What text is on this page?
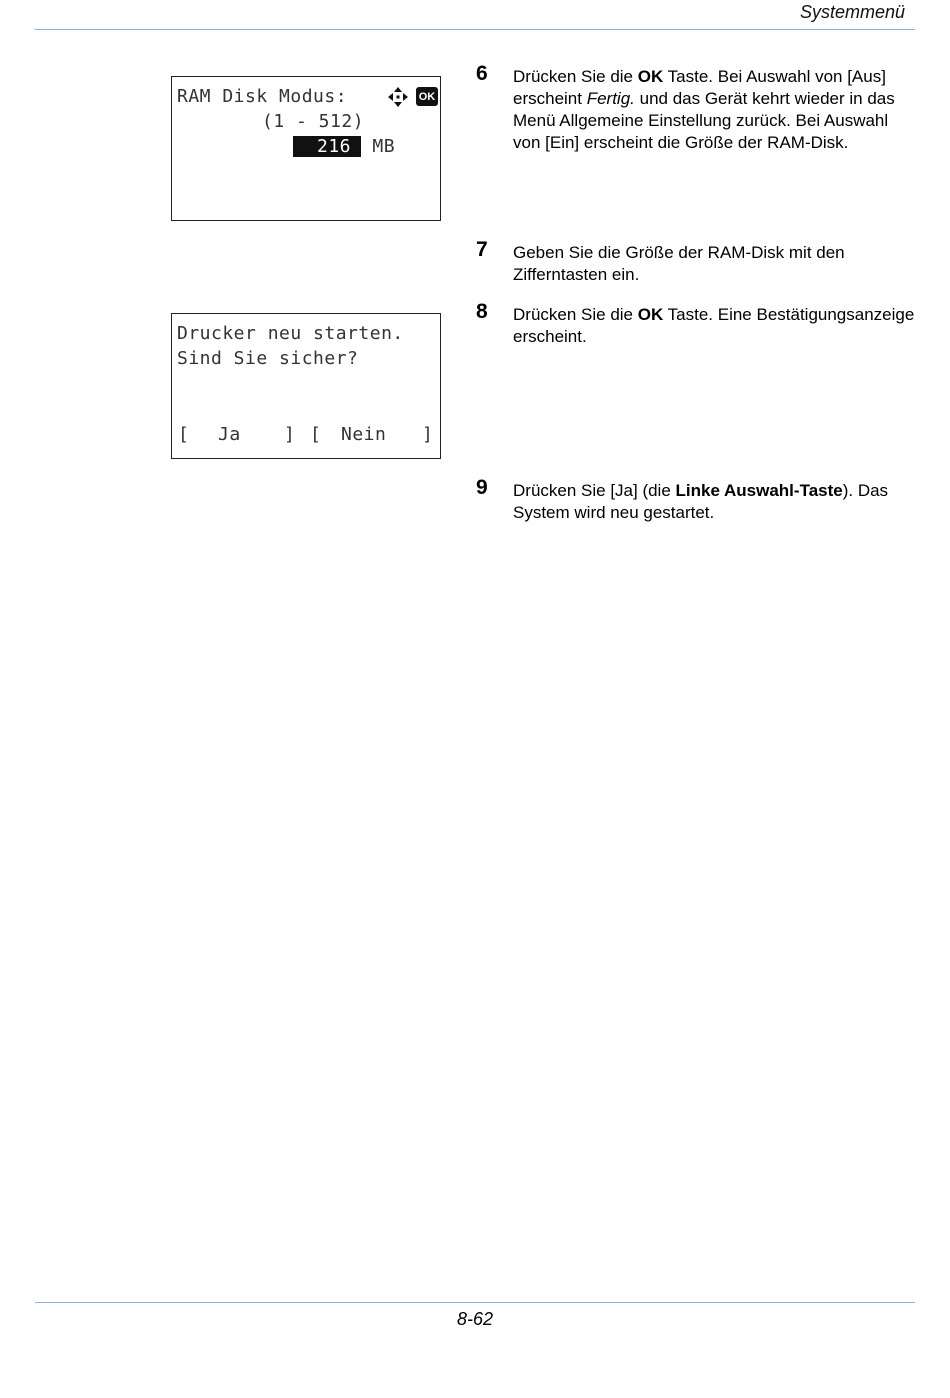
Systemmenü
RAM Disk Modus:	OK
(1 - 512)
216 MB
Drucker neu starten.
Sind Sie sicher?
[ Ja ] [ Nein ]
6 Drücken Sie die OK Taste. Bei Auswahl von [Aus] erscheint Fertig. und das Gerät kehrt wieder in das Menü Allgemeine Einstellung zurück. Bei Auswahl von [Ein] erscheint die Größe der RAM-Disk.
7 Geben Sie die Größe der RAM-Disk mit den Zifferntasten ein.
8 Drücken Sie die OK Taste. Eine Bestätigungsanzeige erscheint.
9 Drücken Sie [Ja] (die Linke Auswahl-Taste). Das System wird neu gestartet.
8-62
